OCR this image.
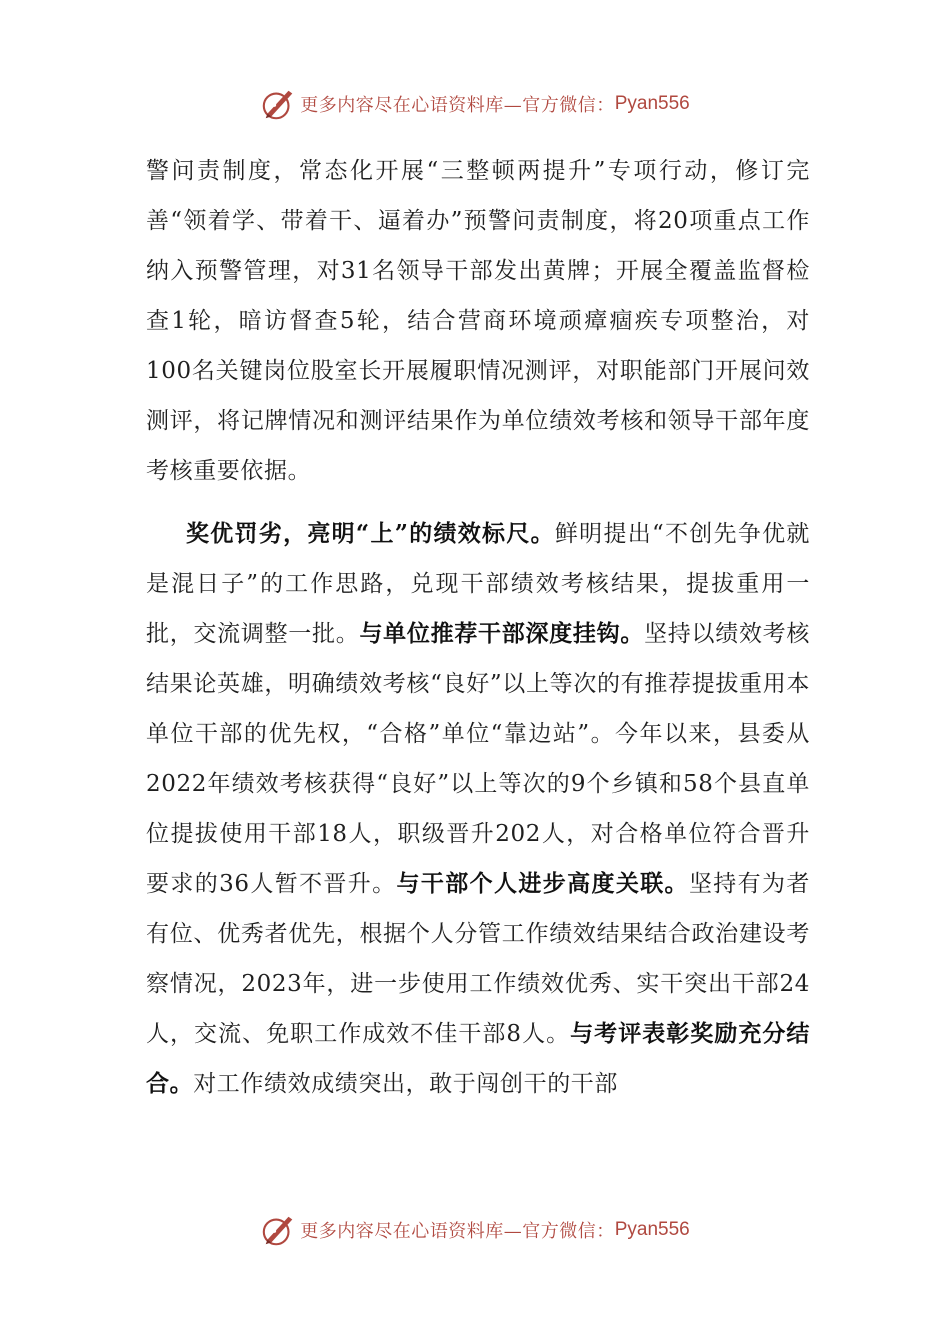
更多内容尽在心语资料库—官方微信： Pyan556

警问责制度，常态化开展“三整顿两提升”专项行动，修订完善“领着学、带着干、逼着办”预警问责制度，将20项重点工作纳入预警管理，对31名领导干部发出黄牌；开展全覆盖监督检查1轮，暗访督查5轮，结合营商环境顽瘴痼疾专项整治，对100名关键岗位股室长开展履职情况测评，对职能部门开展问效测评，将记牌情况和测评结果作为单位绩效考核和领导干部年度考核重要依据。

奖优罚劣，亮明“上”的绩效标尺。鲜明提出“不创先争优就是混日子”的工作思路，兑现干部绩效考核结果，提拔重用一批，交流调整一批。与单位推荐干部深度挂钩。坚持以绩效考核结果论英雄，明确绩效考核“良好”以上等次的有推荐提拔重用本单位干部的优先权，“合格”单位“靠边站”。今年以来，县委从2022年绩效考核获得“良好”以上等次的9个乡镇和58个县直单位提拔使用干部18人，职级晋升202人，对合格单位符合晋升要求的36人暂不晋升。与干部个人进步高度关联。坚持有为者有位、优秀者优先，根据个人分管工作绩效结果结合政治建设考察情况，2023年，进一步使用工作绩效优秀、实干突出干部24人，交流、免职工作成效不佳干部8人。与考评表彰奖励充分结合。对工作绩效成绩突出，敢于闯创干的干部

更多内容尽在心语资料库—官方微信： Pyan556
